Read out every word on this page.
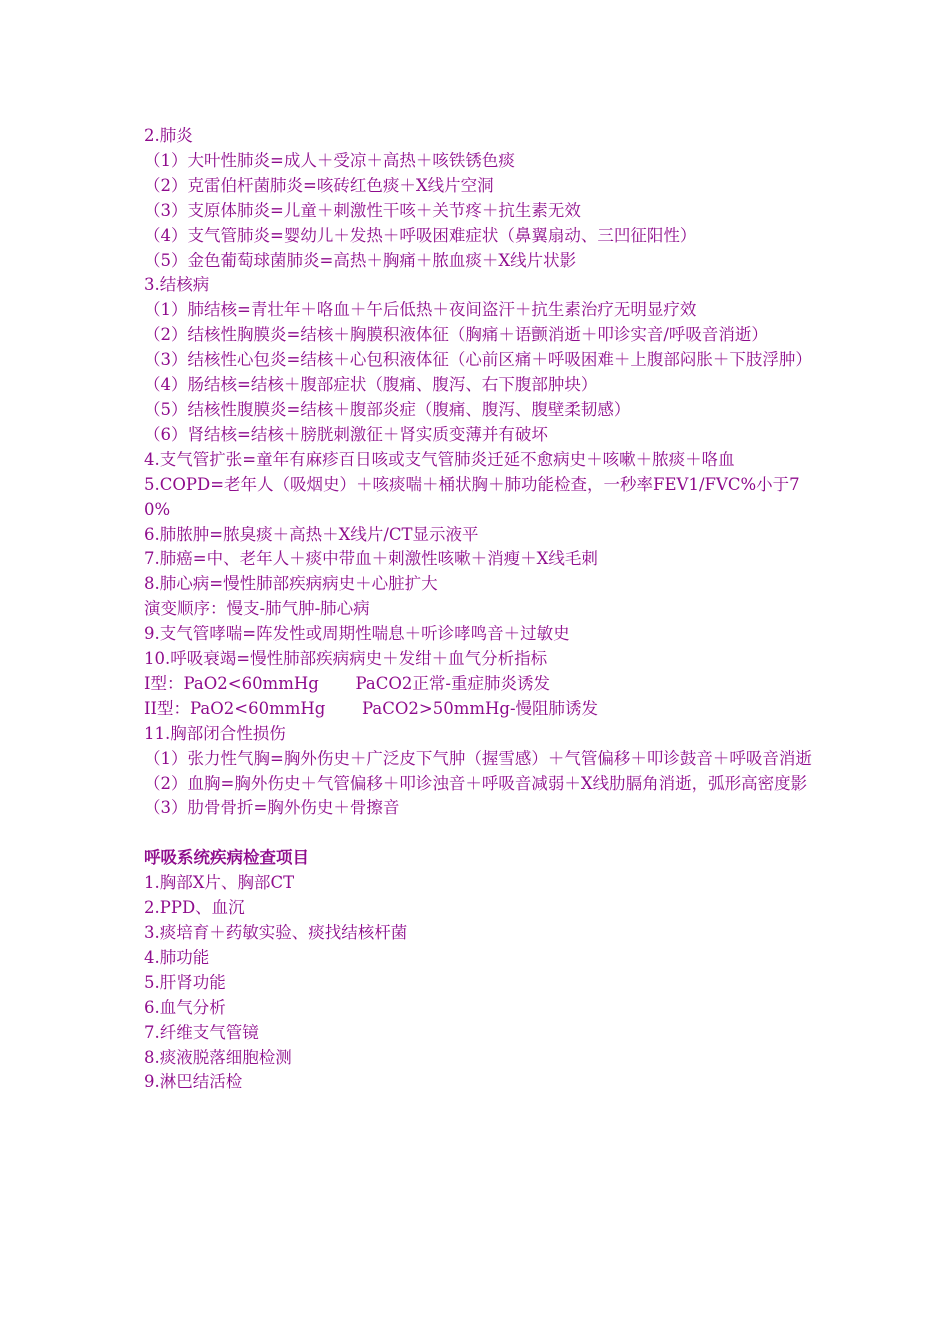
2.肺炎
（1）大叶性肺炎=成人＋受凉＋高热＋咳铁锈色痰
（2）克雷伯杆菌肺炎=咳砖红色痰＋X线片空洞
（3）支原体肺炎=儿童＋刺激性干咳＋关节疼＋抗生素无效
（4）支气管肺炎=婴幼儿＋发热＋呼吸困难症状（鼻翼扇动、三凹征阳性）
（5）金色葡萄球菌肺炎=高热＋胸痛＋脓血痰＋X线片状影
3.结核病
（1）肺结核=青壮年＋咯血＋午后低热＋夜间盗汗＋抗生素治疗无明显疗效
（2）结核性胸膜炎=结核＋胸膜积液体征（胸痛＋语颤消逝＋叩诊实音/呼吸音消逝）
（3）结核性心包炎=结核＋心包积液体征（心前区痛＋呼吸困难＋上腹部闷胀＋下肢浮肿）
（4）肠结核=结核＋腹部症状（腹痛、腹泻、右下腹部肿块）
（5）结核性腹膜炎=结核＋腹部炎症（腹痛、腹泻、腹壁柔韧感）
（6）肾结核=结核＋膀胱刺激征＋肾实质变薄并有破坏
4.支气管扩张=童年有麻疹百日咳或支气管肺炎迁延不愈病史＋咳嗽＋脓痰＋咯血
5.COPD=老年人（吸烟史）＋咳痰喘＋桶状胸＋肺功能检查，一秒率FEV1/FVC%小于70%
6.肺脓肿=脓臭痰＋高热＋X线片/CT显示液平
7.肺癌=中、老年人＋痰中带血＋刺激性咳嗽＋消瘦＋X线毛刺
8.肺心病=慢性肺部疾病病史＋心脏扩大
演变顺序：慢支-肺气肿-肺心病
9.支气管哮喘=阵发性或周期性喘息＋听诊哮鸣音＋过敏史
10.呼吸衰竭=慢性肺部疾病病史＋发绀＋血气分析指标
I型：PaO2<60mmHg       PaCO2正常-重症肺炎诱发
II型：PaO2<60mmHg       PaCO2>50mmHg-慢阻肺诱发
11.胸部闭合性损伤
（1）张力性气胸=胸外伤史＋广泛皮下气肿（握雪感）＋气管偏移＋叩诊鼓音＋呼吸音消逝
（2）血胸=胸外伤史＋气管偏移＋叩诊浊音＋呼吸音减弱＋X线肋膈角消逝，弧形高密度影
（3）肋骨骨折=胸外伤史＋骨擦音
呼吸系统疾病检查项目
1.胸部X片、胸部CT
2.PPD、血沉
3.痰培育＋药敏实验、痰找结核杆菌
4.肺功能
5.肝肾功能
6.血气分析
7.纤维支气管镜
8.痰液脱落细胞检测
9.淋巴结活检
